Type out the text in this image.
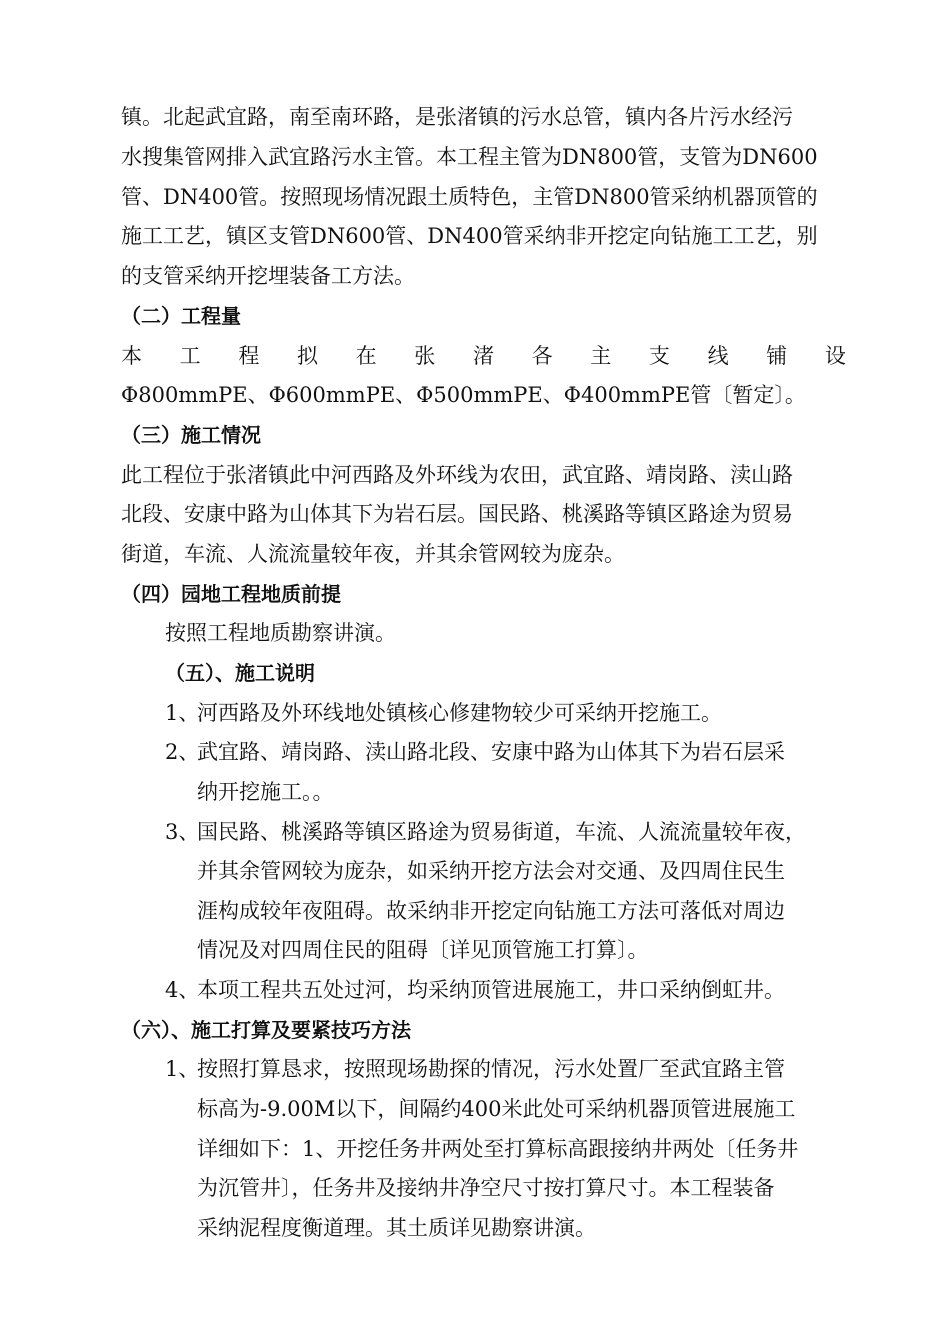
镇。北起武宜路，南至南环路，是张渚镇的污水总管，镇内各片污水经污
水搜集管网排入武宜路污水主管。本工程主管为DN800管，支管为DN600
管、DN400管。按照现场情况跟土质特色，主管DN800管采纳机器顶管的
施工工艺，镇区支管DN600管、DN400管采纳非开挖定向钻施工工艺，别
的支管采纳开挖埋装备工方法。
（二）工程量
本 工 程 拟 在 张 渚 各 主 支 线 铺 设
Φ800mmPE、Φ600mmPE、Φ500mmPE、Φ400mmPE管〔暂定〕。
（三）施工情况
此工程位于张渚镇此中河西路及外环线为农田，武宜路、靖岗路、渎山路
北段、安康中路为山体其下为岩石层。国民路、桃溪路等镇区路途为贸易
街道，车流、人流流量较年夜，并其余管网较为庞杂。
（四）园地工程地质前提
按照工程地质勘察讲演。
（五）、施工说明
1、
河西路及外环线地处镇核心修建物较少可采纳开挖施工。
2、
武宜路、靖岗路、渎山路北段、安康中路为山体其下为岩石层采
纳开挖施工。。
3、
国民路、桃溪路等镇区路途为贸易街道，车流、人流流量较年夜，
并其余管网较为庞杂，如采纳开挖方法会对交通、及四周住民生
涯构成较年夜阻碍。故采纳非开挖定向钻施工方法可落低对周边
情况及对四周住民的阻碍〔详见顶管施工打算〕。
4、
本项工程共五处过河，均采纳顶管进展施工，井口采纳倒虹井。
（六）、施工打算及要紧技巧方法
1、
按照打算恳求，按照现场勘探的情况，污水处置厂至武宜路主管
标高为-9.00M以下，间隔约400米此处可采纳机器顶管进展施工
详细如下：1、开挖任务井两处至打算标高跟接纳井两处〔任务井
为沉管井〕，任务井及接纳井净空尺寸按打算尺寸。本工程装备
采纳泥程度衡道理。其土质详见勘察讲演。
